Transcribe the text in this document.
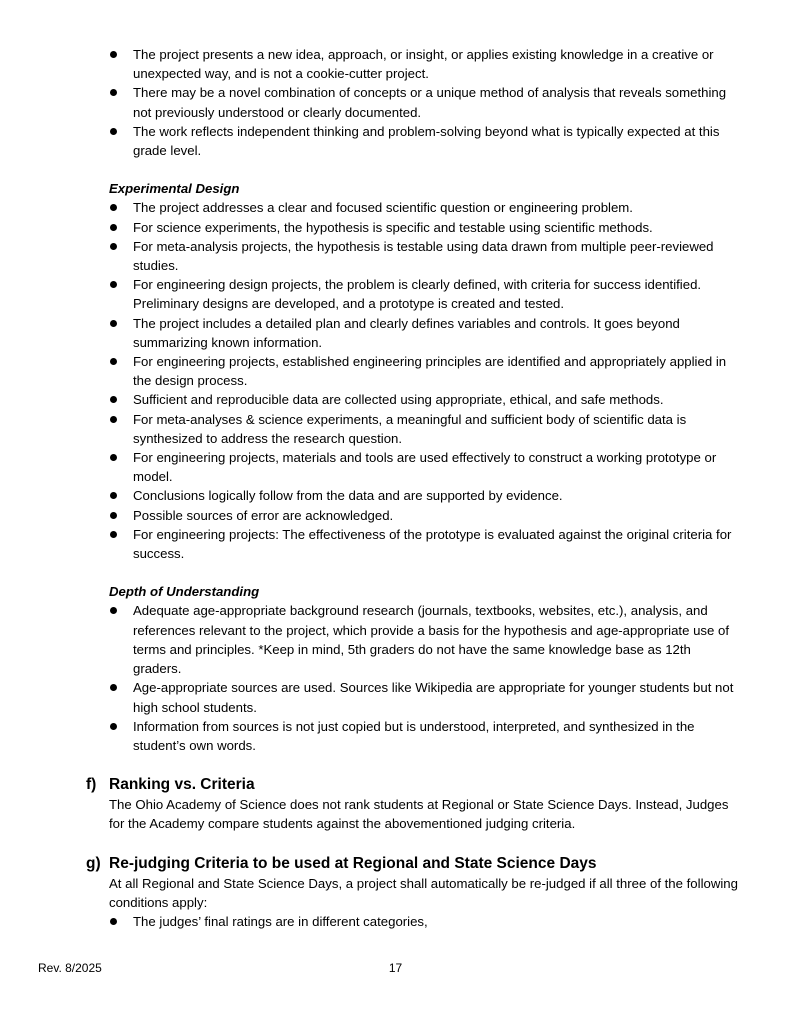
The project presents a new idea, approach, or insight, or applies existing knowledge in a creative or unexpected way, and is not a cookie-cutter project.
There may be a novel combination of concepts or a unique method of analysis that reveals something not previously understood or clearly documented.
The work reflects independent thinking and problem-solving beyond what is typically expected at this grade level.

Experimental Design

The project addresses a clear and focused scientific question or engineering problem.
For science experiments, the hypothesis is specific and testable using scientific methods.
For meta-analysis projects, the hypothesis is testable using data drawn from multiple peer-reviewed studies.
For engineering design projects, the problem is clearly defined, with criteria for success identified. Preliminary designs are developed, and a prototype is created and tested.
The project includes a detailed plan and clearly defines variables and controls. It goes beyond summarizing known information.
For engineering projects, established engineering principles are identified and appropriately applied in the design process.
Sufficient and reproducible data are collected using appropriate, ethical, and safe methods.
For meta-analyses & science experiments, a meaningful and sufficient body of scientific data is synthesized to address the research question.
For engineering projects, materials and tools are used effectively to construct a working prototype or model.
Conclusions logically follow from the data and are supported by evidence.
Possible sources of error are acknowledged.
For engineering projects: The effectiveness of the prototype is evaluated against the original criteria for success.

Depth of Understanding

Adequate age-appropriate background research (journals, textbooks, websites, etc.), analysis, and references relevant to the project, which provide a basis for the hypothesis and age-appropriate use of terms and principles. *Keep in mind, 5th graders do not have the same knowledge base as 12th graders.
Age-appropriate sources are used. Sources like Wikipedia are appropriate for younger students but not high school students.
Information from sources is not just copied but is understood, interpreted, and synthesized in the student’s own words.
f) Ranking vs. Criteria

The Ohio Academy of Science does not rank students at Regional or State Science Days. Instead, Judges for the Academy compare students against the abovementioned judging criteria.

g) Re-judging Criteria to be used at Regional and State Science Days

At all Regional and State Science Days, a project shall automatically be re-judged if all three of the following conditions apply:

The judges’ final ratings are in different categories,
Rev. 8/2025	17
